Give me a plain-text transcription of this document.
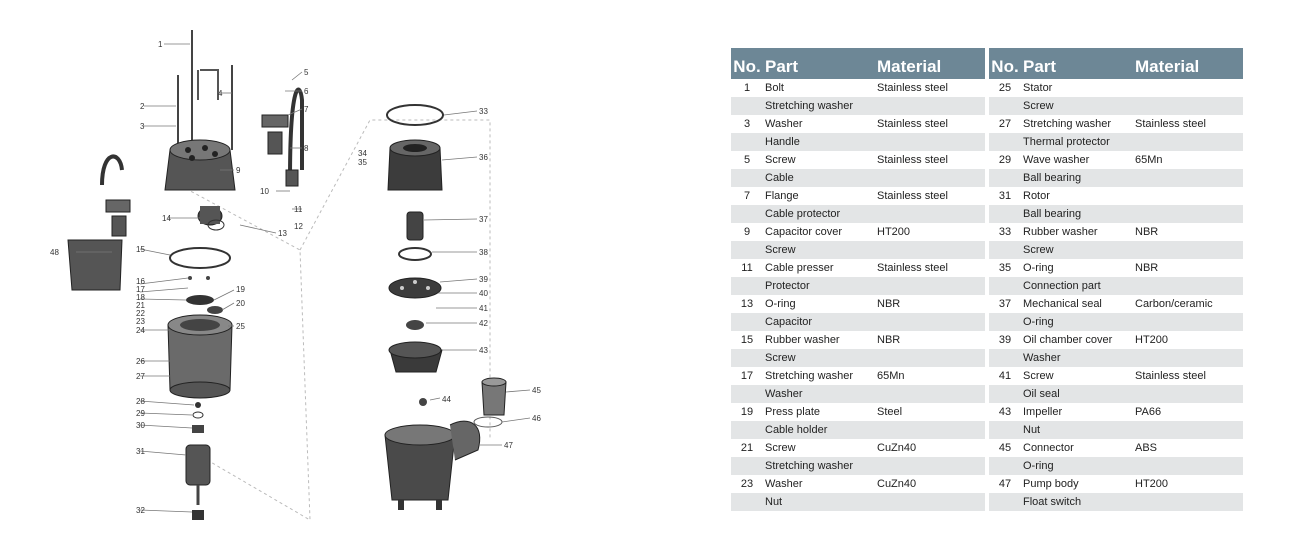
1
2
3
4
5
6
7
8
9
10
11
12
13
14
15
16
17
18
19
20
21
22
23
24	25
26
27
28
29
30
31
32
33
34
35
36
37
38
39
40
41
42
43
44
45
46
47
48
No. Part	Material
1	Bolt	Stainless steel
Stretching washer
3	Washer	Stainless steel
Handle
5	Screw	Stainless steel
Cable
7	Flange	Stainless steel
Cable protector
9	Capacitor cover	HT200
Screw
11	Cable presser	Stainless steel
Protector
13	O-ring	NBR
Capacitor
15	Rubber washer	NBR
Screw
17	Stretching washer	65Mn
Washer
19	Press plate	Steel
Cable holder
21	Screw	CuZn40
Stretching washer
23	Washer	CuZn40
Nut
No. Part	Material
25	Stator
Screw
27	Stretching washer	Stainless steel
Thermal protector
29	Wave washer	65Mn
Ball bearing
31	Rotor
Ball bearing
33	Rubber washer	NBR
Screw
35	O-ring	NBR
Connection part
37	Mechanical seal	Carbon/ceramic
O-ring
39	Oil chamber cover	HT200
Washer
41	Screw	Stainless steel
Oil seal
43	Impeller	PA66
Nut
45	Connector	ABS
O-ring
47	Pump body	HT200
Float switch
